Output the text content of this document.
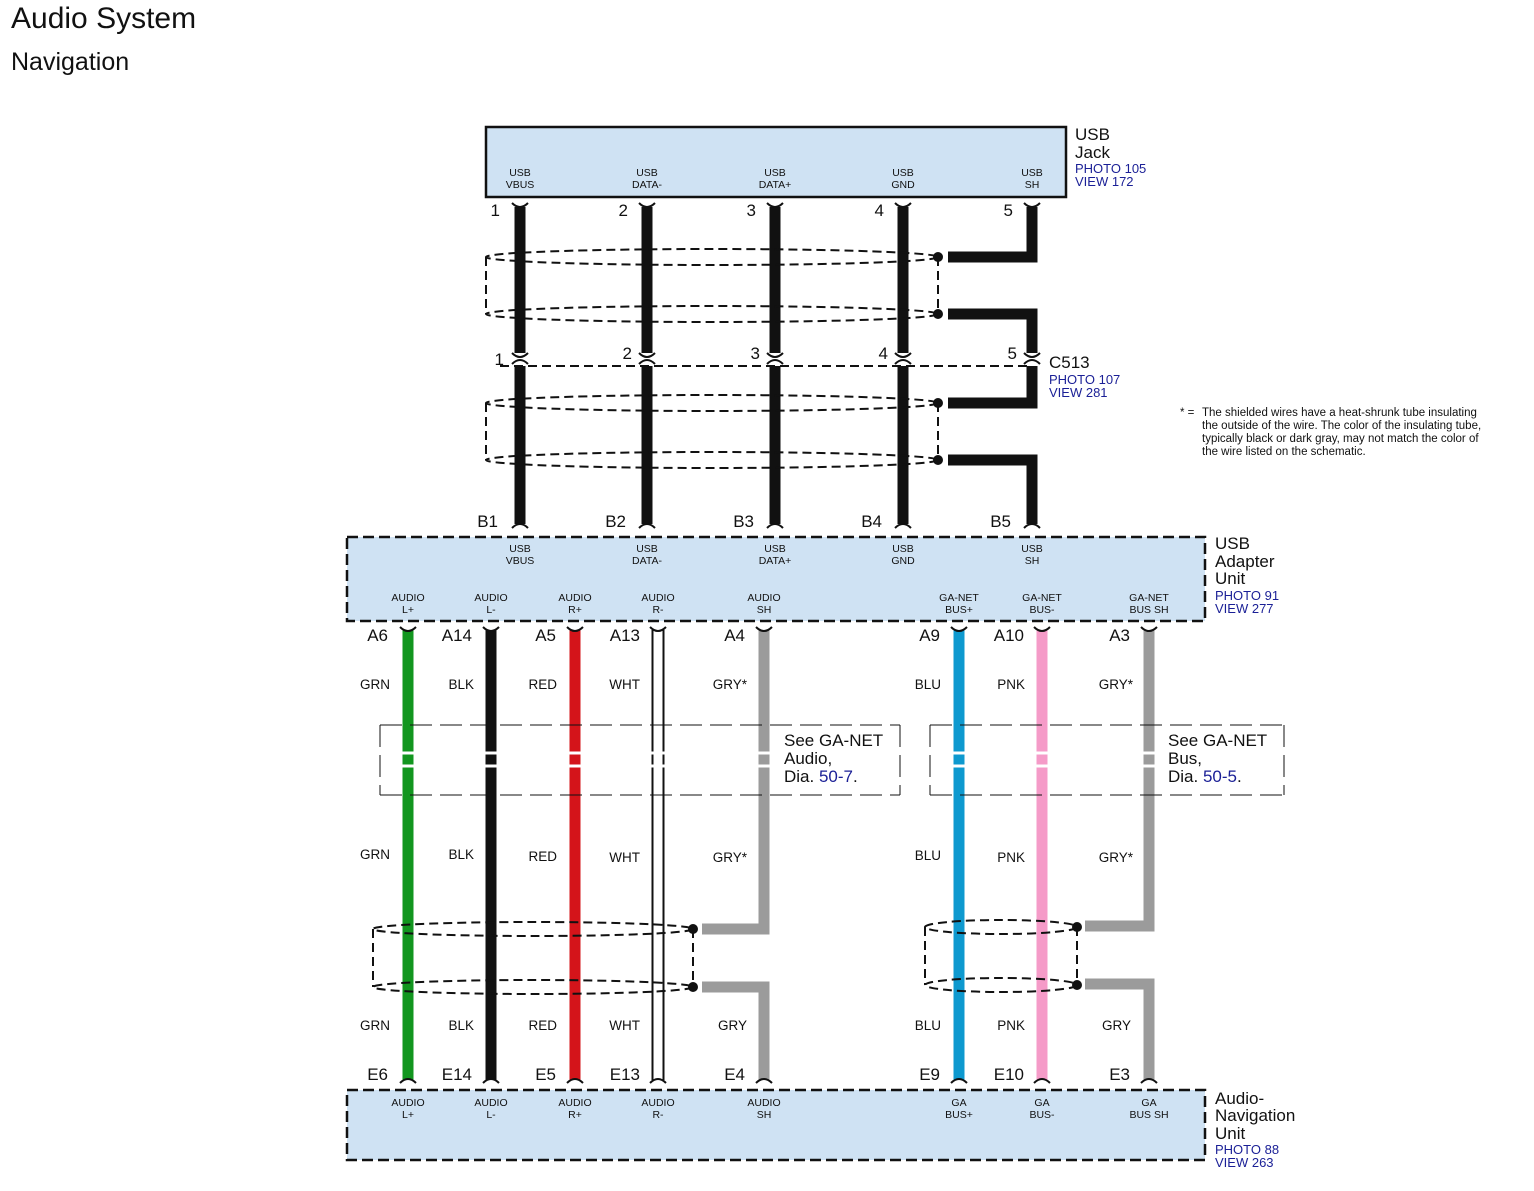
Audio System
Navigation
* = The shielded wires have a heat-shrunk tube insulating
the outside of the wire. The color of the insulating tube,
typically black or dark gray, may not match the color of
the wire listed on the schematic.
USB
VBUS
USB
DATA-
USB
DATA+
USB
GND
USB
SH
USB
Jack
PHOTO 105
VIEW 172
1	2	3	4	5
1	2	3	4	5 C513
PHOTO 107
VIEW 281
B1	B2	B3	B4	B5
USB
VBUS
USB
DATA-
USB
DATA+
USB
GND
USB
SH
AUDIO
L+
AUDIO
L-
AUDIO
R+
AUDIO
R-
AUDIO
SH
GA-NET
BUS+
GA-NET
BUS-
GA-NET
BUS SH
USB
Adapter
Unit
PHOTO 91
VIEW 277
A6	A14	A5	A13	A4	A9	A10	A3
See GA-NET
Audio,
Dia. 50-7.
See GA-NET
Bus,
Dia. 50-5.
GRN	BLK	RED	WHT	GRY*	BLU	PNK	GRY*
GRN	BLK	RED	WHT	GRY*	BLU	PNK	GRY*
GRN	BLK	RED	WHT	GRY	BLU	PNK	GRY
E6	E14	E5	E13	E4	E9	E10	E3
AUDIO
L+
AUDIO
L-
AUDIO
R+
AUDIO
R-
AUDIO
SH
GA
BUS+
GA
BUS-
GA
BUS SH
Audio-
Navigation
Unit
PHOTO 88
VIEW 263
